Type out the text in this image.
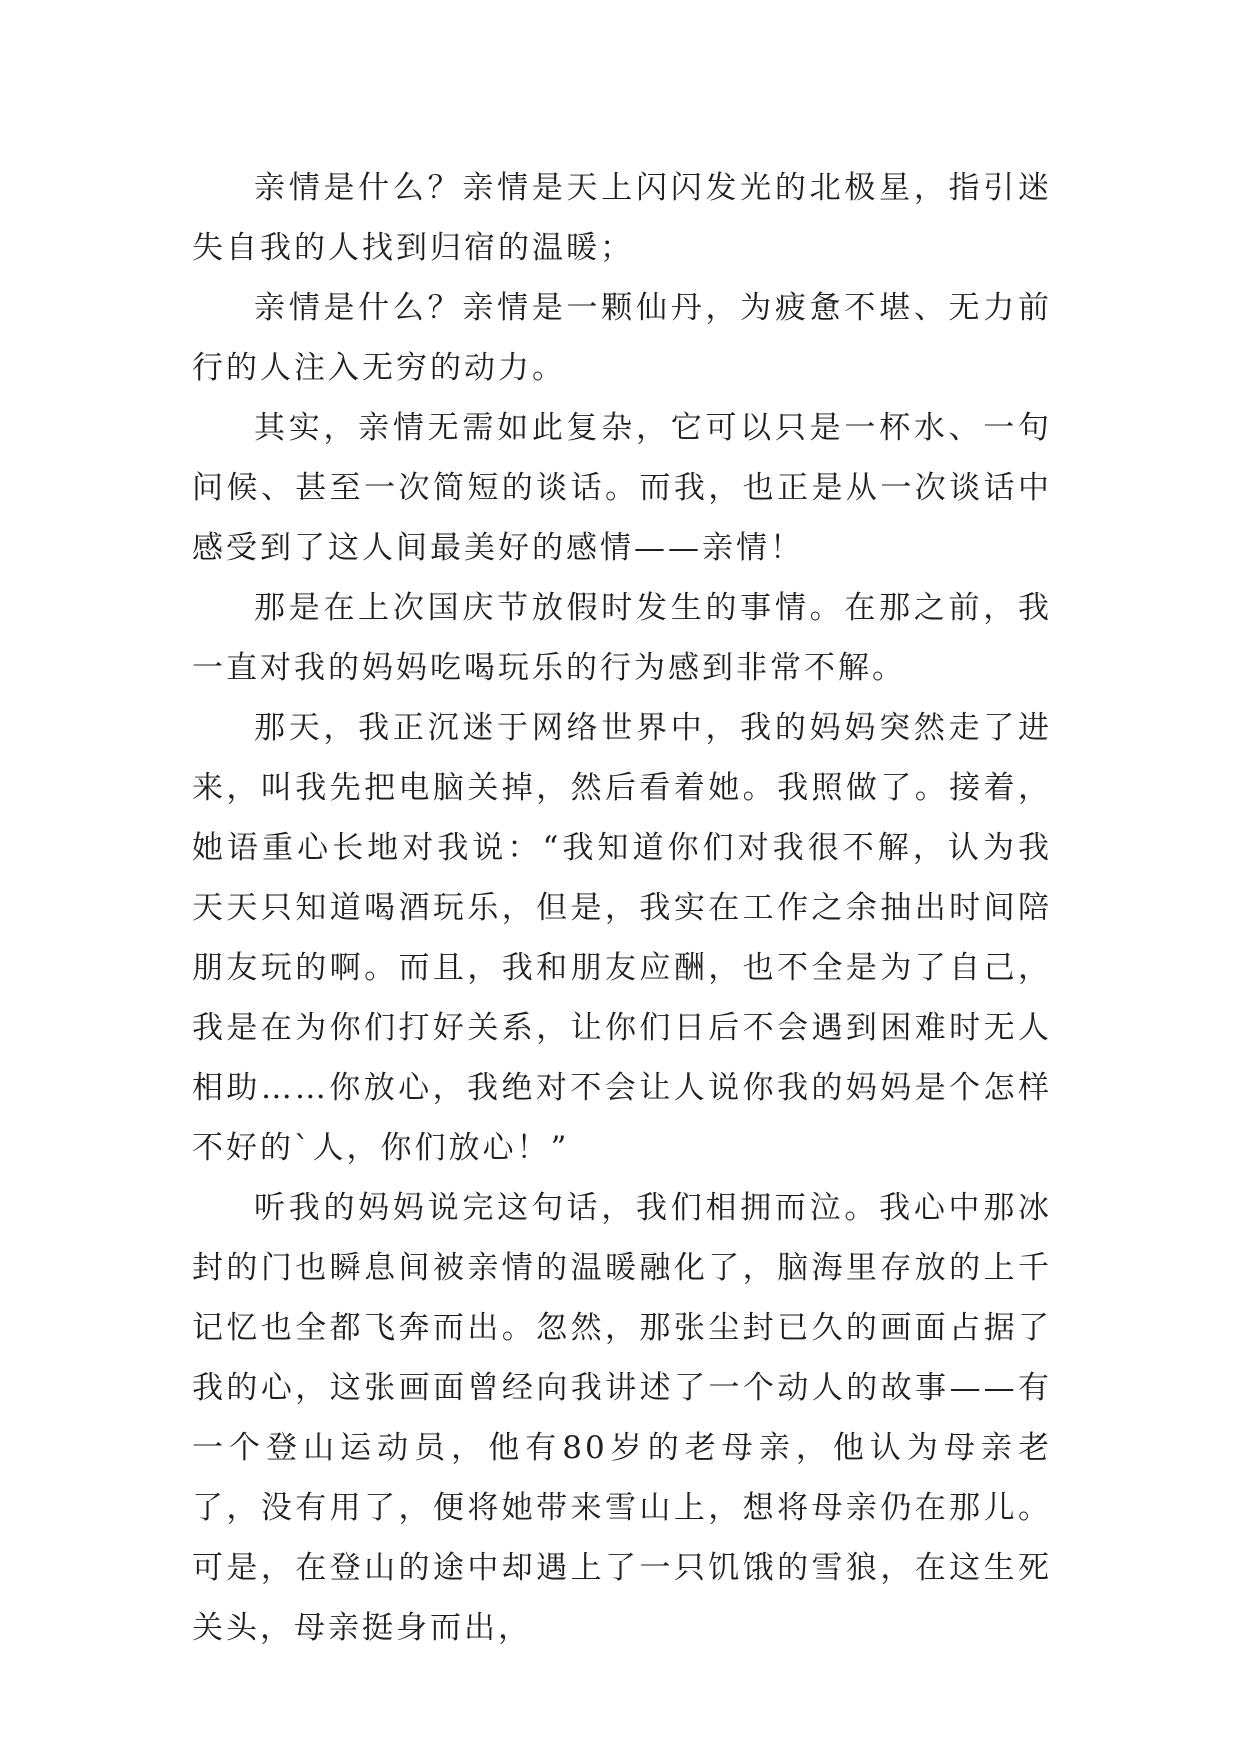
亲情是什么？亲情是天上闪闪发光的北极星，指引迷失自我的人找到归宿的温暖；

亲情是什么？亲情是一颗仙丹，为疲惫不堪、无力前行的人注入无穷的动力。

其实，亲情无需如此复杂，它可以只是一杯水、一句问候、甚至一次简短的谈话。而我，也正是从一次谈话中感受到了这人间最美好的感情——亲情！

那是在上次国庆节放假时发生的事情。在那之前，我一直对我的妈妈吃喝玩乐的行为感到非常不解。

那天，我正沉迷于网络世界中，我的妈妈突然走了进来，叫我先把电脑关掉，然后看着她。我照做了。接着，她语重心长地对我说：“我知道你们对我很不解，认为我天天只知道喝酒玩乐，但是，我实在工作之余抽出时间陪朋友玩的啊。而且，我和朋友应酬，也不全是为了自己，我是在为你们打好关系，让你们日后不会遇到困难时无人相助……你放心，我绝对不会让人说你我的妈妈是个怎样不好的`人，你们放心！”

听我的妈妈说完这句话，我们相拥而泣。我心中那冰封的门也瞬息间被亲情的温暖融化了，脑海里存放的上千记忆也全都飞奔而出。忽然，那张尘封已久的画面占据了我的心，这张画面曾经向我讲述了一个动人的故事——有一个登山运动员，他有80岁的老母亲，他认为母亲老了，没有用了，便将她带来雪山上，想将母亲仍在那儿。可是，在登山的途中却遇上了一只饥饿的雪狼，在这生死关头，母亲挺身而出，
